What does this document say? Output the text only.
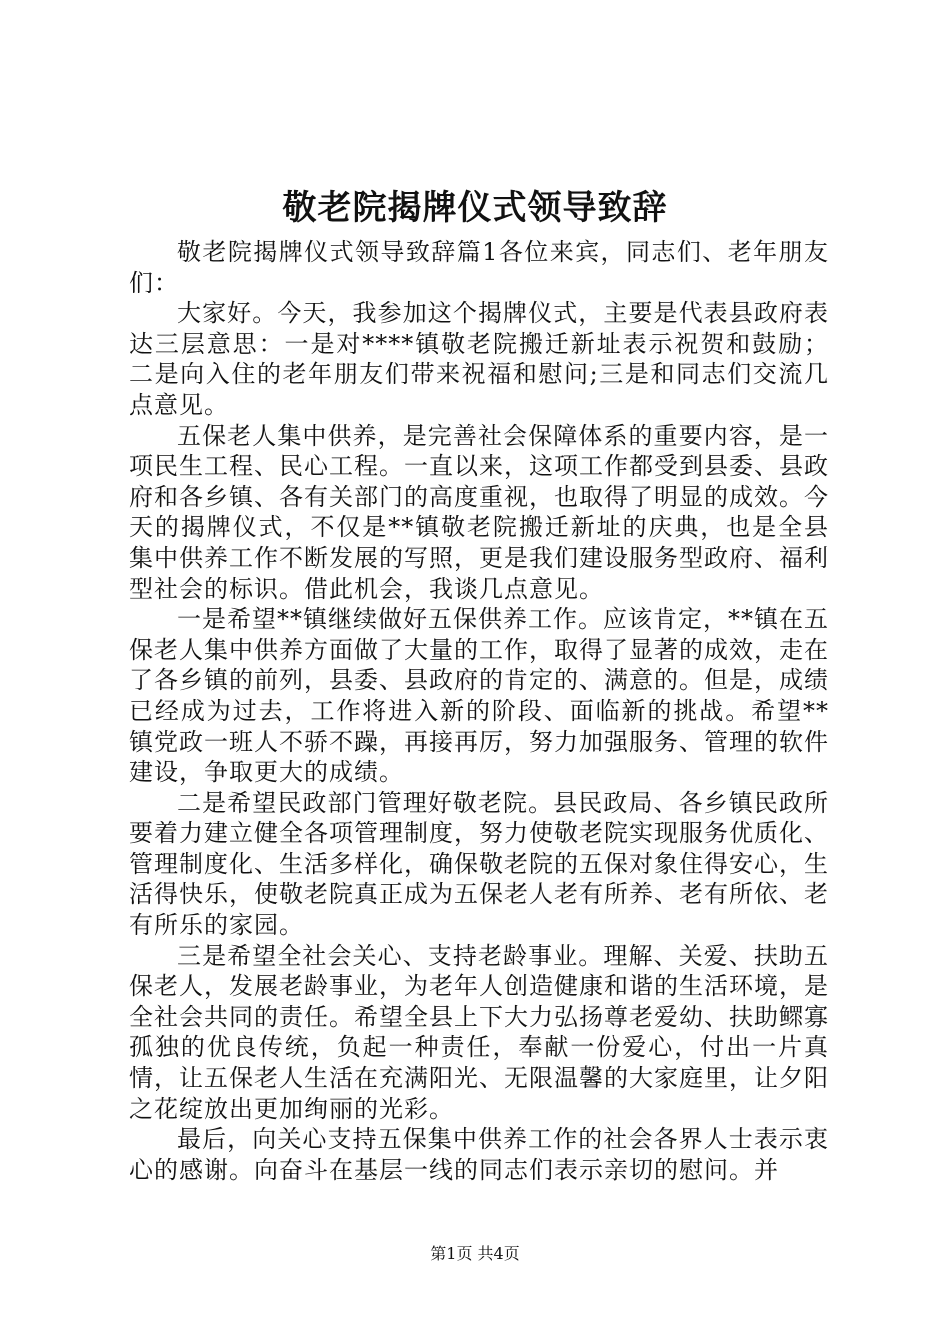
敬老院揭牌仪式领导致辞

敬老院揭牌仪式领导致辞篇1各位来宾，同志们、老年朋友们：

大家好。今天，我参加这个揭牌仪式，主要是代表县政府表达三层意思：一是对****镇敬老院搬迁新址表示祝贺和鼓励；二是向入住的老年朋友们带来祝福和慰问;三是和同志们交流几点意见。

五保老人集中供养，是完善社会保障体系的重要内容，是一项民生工程、民心工程。一直以来，这项工作都受到县委、县政府和各乡镇、各有关部门的高度重视，也取得了明显的成效。今天的揭牌仪式，不仅是**镇敬老院搬迁新址的庆典，也是全县集中供养工作不断发展的写照，更是我们建设服务型政府、福利型社会的标识。借此机会，我谈几点意见。

一是希望**镇继续做好五保供养工作。应该肯定，**镇在五保老人集中供养方面做了大量的工作，取得了显著的成效，走在了各乡镇的前列，县委、县政府的肯定的、满意的。但是，成绩已经成为过去，工作将进入新的阶段、面临新的挑战。希望**镇党政一班人不骄不躁，再接再厉，努力加强服务、管理的软件建设，争取更大的成绩。

二是希望民政部门管理好敬老院。县民政局、各乡镇民政所要着力建立健全各项管理制度，努力使敬老院实现服务优质化、管理制度化、生活多样化，确保敬老院的五保对象住得安心，生活得快乐，使敬老院真正成为五保老人老有所养、老有所依、老有所乐的家园。

三是希望全社会关心、支持老龄事业。理解、关爱、扶助五保老人，发展老龄事业，为老年人创造健康和谐的生活环境，是全社会共同的责任。希望全县上下大力弘扬尊老爱幼、扶助鳏寡孤独的优良传统，负起一种责任，奉献一份爱心，付出一片真情，让五保老人生活在充满阳光、无限温馨的大家庭里，让夕阳之花绽放出更加绚丽的光彩。

最后，向关心支持五保集中供养工作的社会各界人士表示衷心的感谢。向奋斗在基层一线的同志们表示亲切的慰问。并

第1页 共4页
